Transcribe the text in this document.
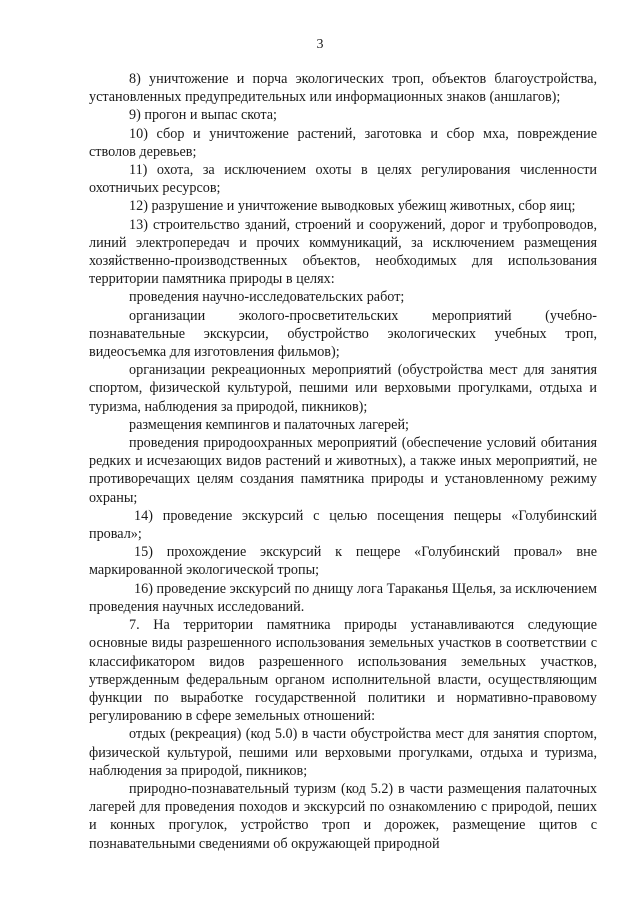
3

8) уничтожение и порча экологических троп, объектов благоустройства, установленных предупредительных или информационных знаков (аншлагов);

9) прогон и выпас скота;

10) сбор и уничтожение растений, заготовка и сбор мха, повреждение стволов деревьев;

11) охота, за исключением охоты в целях регулирования численности охотничьих ресурсов;

12) разрушение и уничтожение выводковых убежищ животных, сбор яиц;

13) строительство зданий, строений и сооружений, дорог и трубопроводов, линий электропередач и прочих коммуникаций, за исключением размещения хозяйственно-производственных объектов, необходимых для использования территории памятника природы в целях:

проведения научно-исследовательских работ;

организации эколого-просветительских мероприятий (учебно-познавательные экскурсии, обустройство экологических учебных троп, видеосъемка для изготовления фильмов);

организации рекреационных мероприятий (обустройства мест для занятия спортом, физической культурой, пешими или верховыми прогулками, отдыха и туризма, наблюдения за природой, пикников);

размещения кемпингов и палаточных лагерей;

проведения природоохранных мероприятий (обеспечение условий обитания редких и исчезающих видов растений и животных), а также иных мероприятий, не противоречащих целям создания памятника природы и установленному режиму охраны;

14) проведение экскурсий с целью посещения пещеры «Голубинский провал»;

15) прохождение экскурсий к пещере «Голубинский провал» вне маркированной экологической тропы;

16) проведение экскурсий по днищу лога Тараканья Щелья, за исключением проведения научных исследований.

7. На территории памятника природы устанавливаются следующие основные виды разрешенного использования земельных участков в соответствии с классификатором видов разрешенного использования земельных участков, утвержденным федеральным органом исполнительной власти, осуществляющим функции по выработке государственной политики и нормативно-правовому регулированию в сфере земельных отношений:

отдых (рекреация) (код 5.0) в части обустройства мест для занятия спортом, физической культурой, пешими или верховыми прогулками, отдыха и туризма, наблюдения за природой, пикников;

природно-познавательный туризм (код 5.2) в части размещения палаточных лагерей для проведения походов и экскурсий по ознакомлению с природой, пеших и конных прогулок, устройство троп и дорожек, размещение щитов с познавательными сведениями об окружающей природной
